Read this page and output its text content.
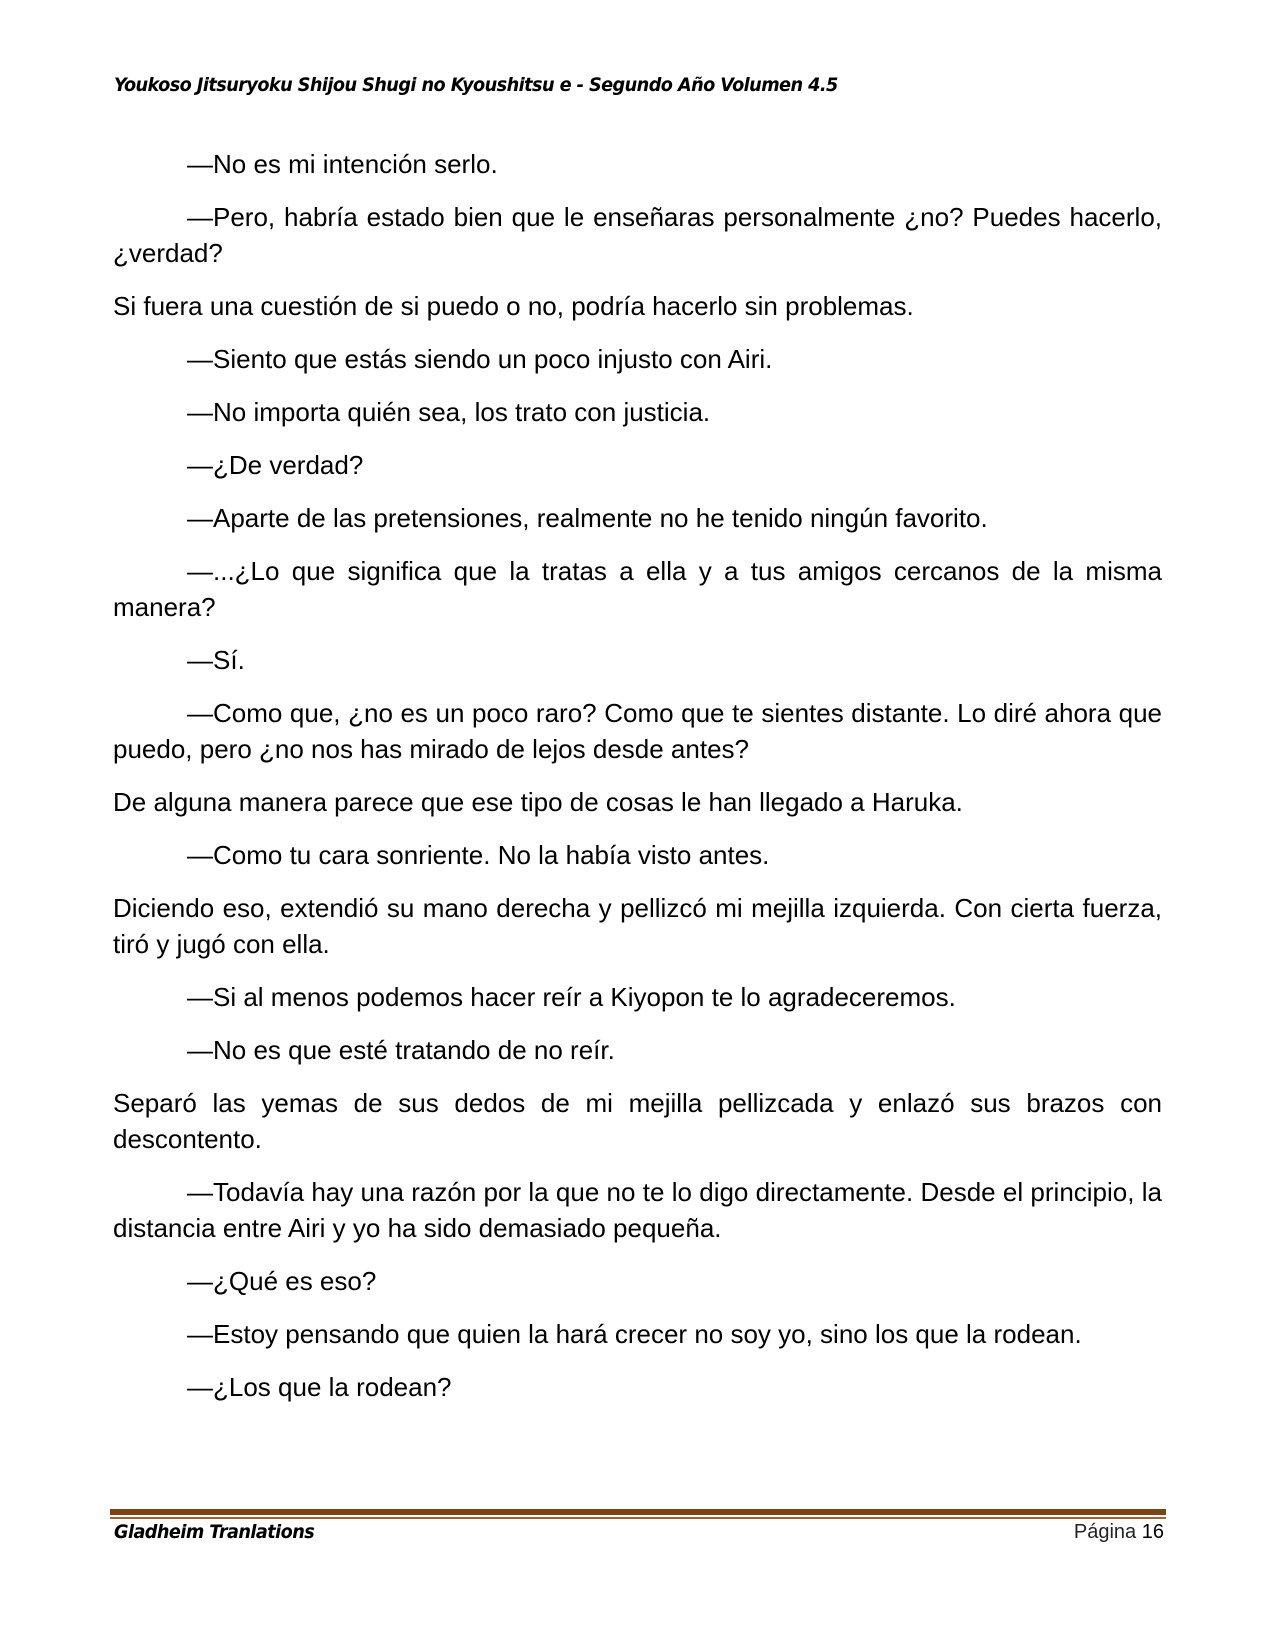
Youkoso Jitsuryoku Shijou Shugi no Kyoushitsu e - Segundo Año Volumen 4.5

—No es mi intención serlo.

—Pero, habría estado bien que le enseñaras personalmente ¿no? Puedes hacerlo, ¿verdad?

Si fuera una cuestión de si puedo o no, podría hacerlo sin problemas.

—Siento que estás siendo un poco injusto con Airi.

—No importa quién sea, los trato con justicia.

—¿De verdad?

—Aparte de las pretensiones, realmente no he tenido ningún favorito.

—...¿Lo que significa que la tratas a ella y a tus amigos cercanos de la misma manera?

—Sí.

—Como que, ¿no es un poco raro? Como que te sientes distante. Lo diré ahora que puedo, pero ¿no nos has mirado de lejos desde antes?

De alguna manera parece que ese tipo de cosas le han llegado a Haruka.

—Como tu cara sonriente. No la había visto antes.

Diciendo eso, extendió su mano derecha y pellizcó mi mejilla izquierda. Con cierta fuerza, tiró y jugó con ella.

—Si al menos podemos hacer reír a Kiyopon te lo agradeceremos.

—No es que esté tratando de no reír.

Separó las yemas de sus dedos de mi mejilla pellizcada y enlazó sus brazos con descontento.

—Todavía hay una razón por la que no te lo digo directamente. Desde el principio, la distancia entre Airi y yo ha sido demasiado pequeña.

—¿Qué es eso?

—Estoy pensando que quien la hará crecer no soy yo, sino los que la rodean.

—¿Los que la rodean?

Gladheim Tranlations	Página 16
